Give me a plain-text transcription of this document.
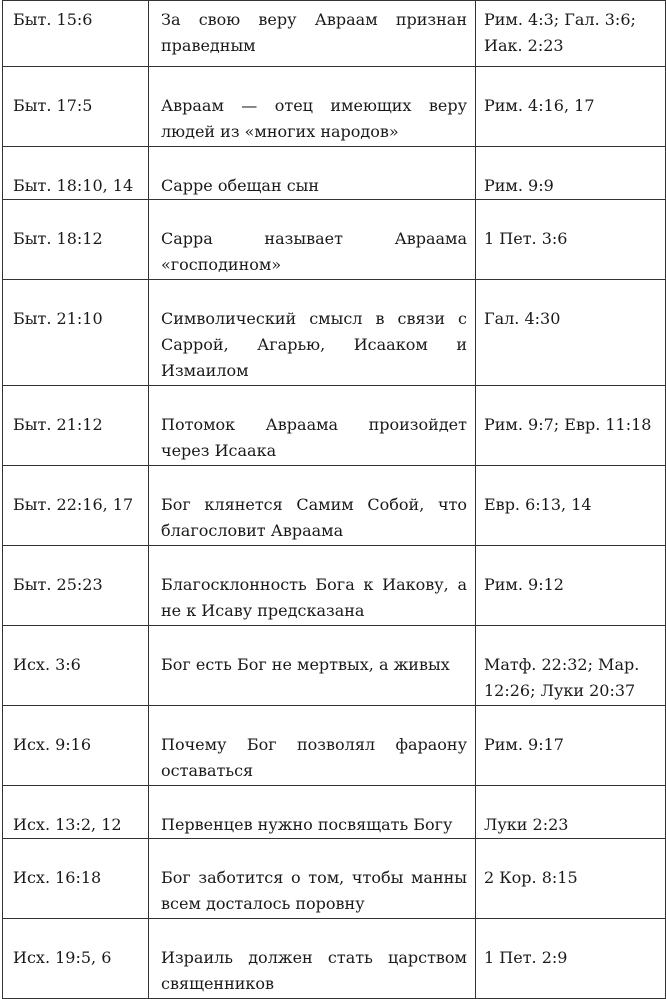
Быт. 15:6	За свою веру Авраам признан праведным	Рим. 4:3; Гал. 3:6; Иак. 2:23
Быт. 17:5	Авраам — отец имеющих веру людей из «многих народов»	Рим. 4:16, 17
Быт. 18:10, 14	Сарре обещан сын	Рим. 9:9
Быт. 18:12	Сарра называет Авраама «господином»	1 Пет. 3:6
Быт. 21:10	Символический смысл в связи с Саррой, Агарью, Исааком и Измаилом	Гал. 4:30
Быт. 21:12	Потомок Авраама произойдет через Исаака	Рим. 9:7; Евр. 11:18
Быт. 22:16, 17	Бог клянется Самим Собой, что благословит Авраама	Евр. 6:13, 14
Быт. 25:23	Благосклонность Бога к Иакову, а не к Исаву предсказана	Рим. 9:12
Исх. 3:6	Бог есть Бог не мертвых, а живых	Матф. 22:32; Мар. 12:26; Луки 20:37
Исх. 9:16	Почему Бог позволял фараону оставаться	Рим. 9:17
Исх. 13:2, 12	Первенцев нужно посвящать Богу	Луки 2:23
Исх. 16:18	Бог заботится о том, чтобы манны всем досталось поровну	2 Кор. 8:15
Исх. 19:5, 6	Израиль должен стать царством священников	1 Пет. 2:9
